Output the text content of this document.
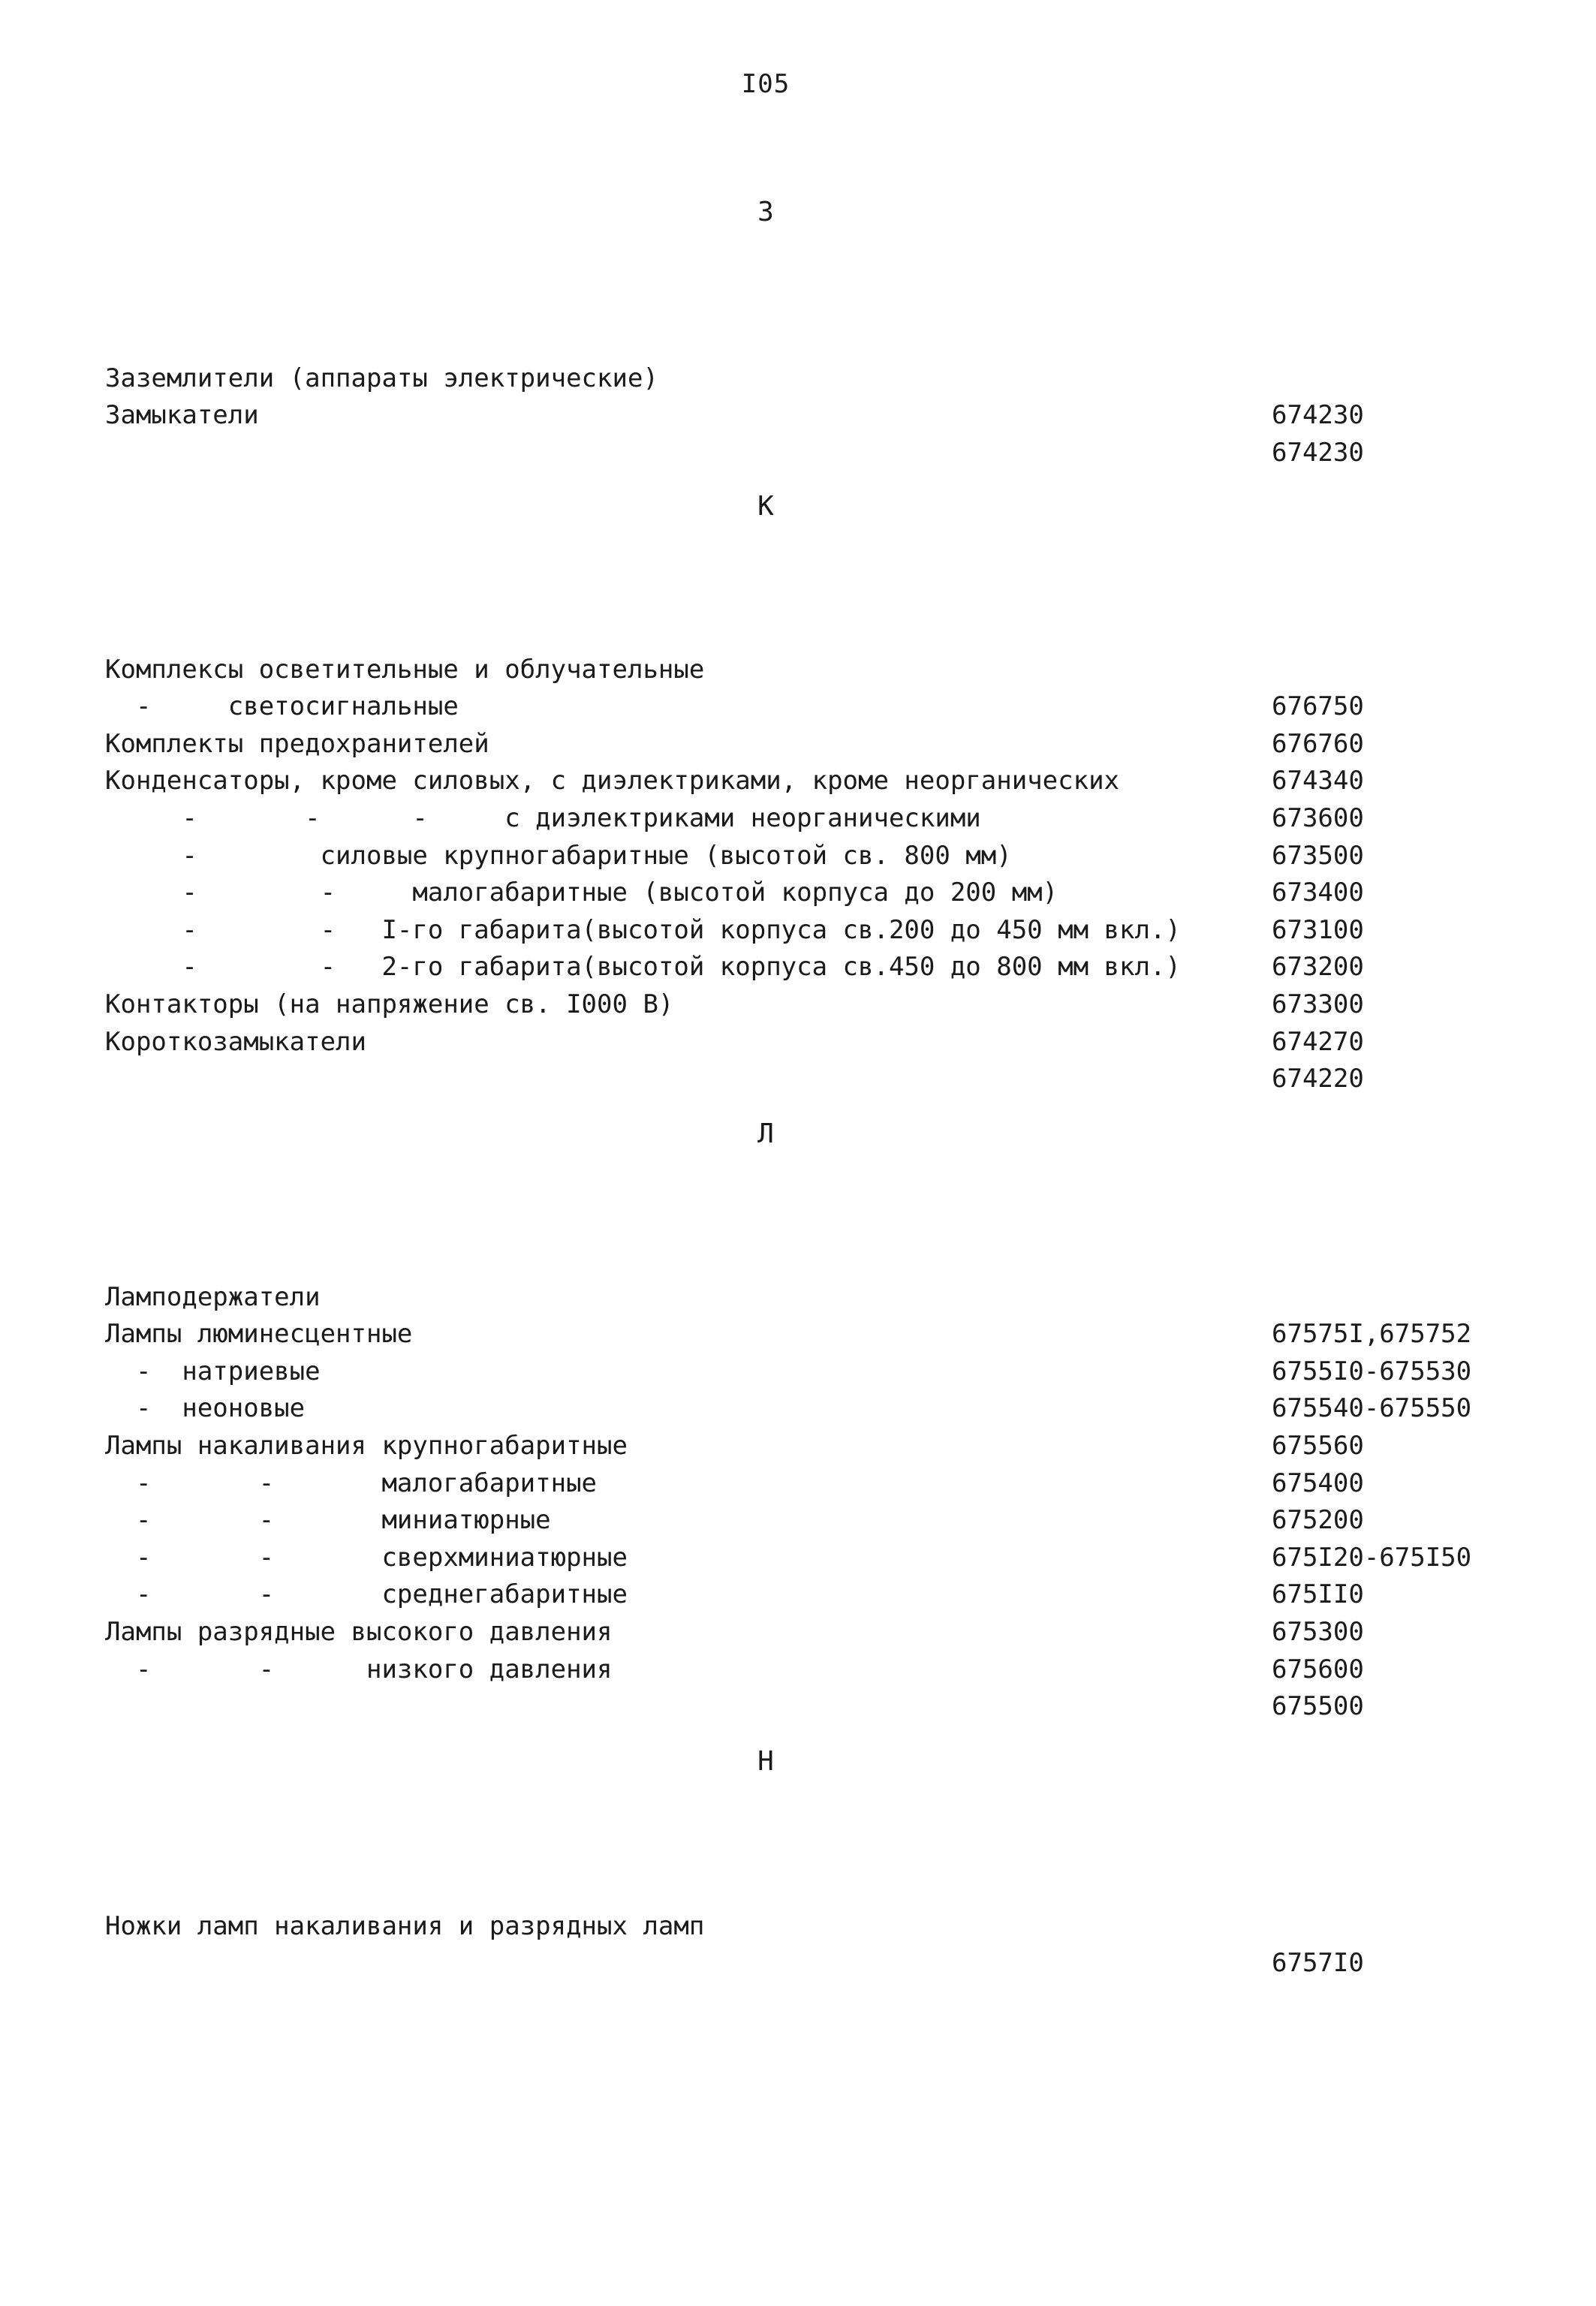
I05
З

Заземлители (аппараты электрические)

674230

Замыкатели

674230

К

Комплексы осветительные и облучательные

676750

-     светосигнальные

676760

Комплекты предохранителей

674340

Конденсаторы, кроме силовых, с диэлектриками, кроме неорганических

673600

-       -      -     с диэлектриками неорганическими

673500

-        силовые крупногабаритные (высотой св. 800 мм)

673400

-        -     малогабаритные (высотой корпуса до 200 мм)

673100

-        -   I-го габарита(высотой корпуса св.200 до 450 мм вкл.)

673200

-        -   2-го габарита(высотой корпуса св.450 до 800 мм вкл.)

673300

Контакторы (на напряжение св. I000 В)

674270

Короткозамыкатели

674220

Л

Ламподержатели

67575I,675752

Лампы люминесцентные

6755I0-675530

-  натриевые

675540-675550

-  неоновые

675560

Лампы накаливания крупногабаритные

675400

-       -       малогабаритные

675200

-       -       миниатюрные

675I20-675I50

-       -       сверхминиатюрные

675II0

-       -       среднегабаритные

675300

Лампы разрядные высокого давления

675600

-       -      низкого давления

675500

Н

Ножки ламп накаливания и разрядных ламп

6757I0
